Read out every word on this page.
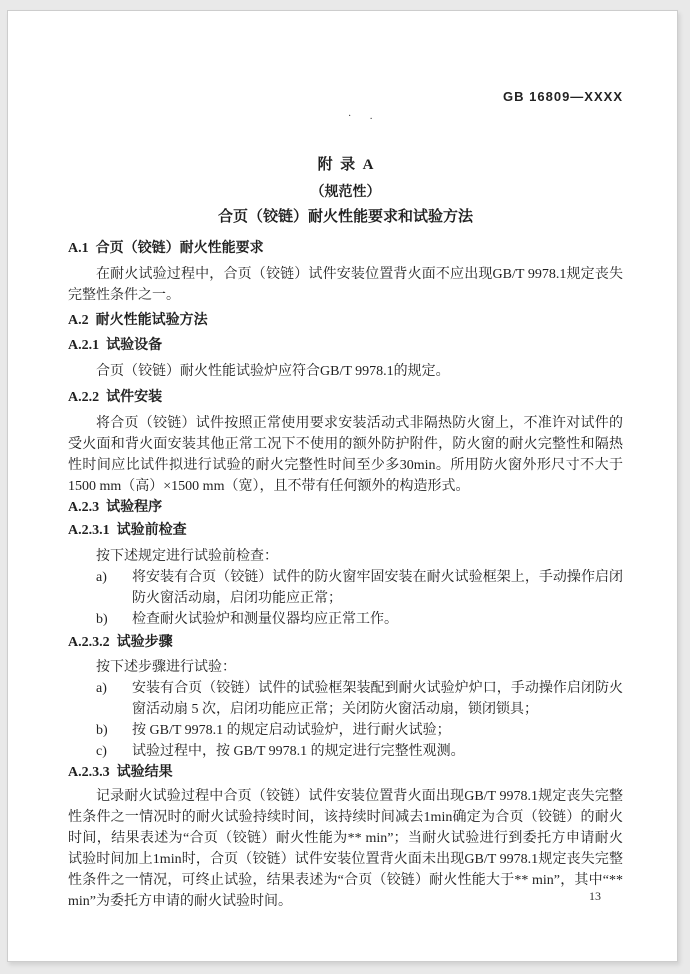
· .
GB 16809—XXXX
附  录  A
（规范性）
合页（铰链）耐火性能要求和试验方法
A.1  合页（铰链）耐火性能要求
在耐火试验过程中，合页（铰链）试件安装位置背火面不应出现GB/T 9978.1规定丧失完整性条件之一。
A.2  耐火性能试验方法
A.2.1  试验设备
合页（铰链）耐火性能试验炉应符合GB/T 9978.1的规定。
A.2.2  试件安装
将合页（铰链）试件按照正常使用要求安装活动式非隔热防火窗上，不准许对试件的受火面和背火面安装其他正常工况下不使用的额外防护附件，防火窗的耐火完整性和隔热性时间应比试件拟进行试验的耐火完整性时间至少多30min。所用防火窗外形尺寸不大于1500 mm（高）×1500 mm（宽），且不带有任何额外的构造形式。
A.2.3  试验程序
A.2.3.1  试验前检查
按下述规定进行试验前检查：
a)	将安装有合页（铰链）试件的防火窗牢固安装在耐火试验框架上，手动操作启闭防火窗活动扇，启闭功能应正常；
b)	检查耐火试验炉和测量仪器均应正常工作。
A.2.3.2  试验步骤
按下述步骤进行试验：
a)	安装有合页（铰链）试件的试验框架装配到耐火试验炉炉口，手动操作启闭防火窗活动扇 5 次，启闭功能应正常；关闭防火窗活动扇，锁闭锁具；
b)	按 GB/T 9978.1 的规定启动试验炉，进行耐火试验；
c)	试验过程中，按 GB/T 9978.1 的规定进行完整性观测。
A.2.3.3  试验结果
记录耐火试验过程中合页（铰链）试件安装位置背火面出现GB/T 9978.1规定丧失完整性条件之一情况时的耐火试验持续时间，该持续时间减去1min确定为合页（铰链）的耐火时间，结果表述为“合页（铰链）耐火性能为** min”；当耐火试验进行到委托方申请耐火试验时间加上1min时，合页（铰链）试件安装位置背火面未出现GB/T 9978.1规定丧失完整性条件之一情况，可终止试验，结果表述为“合页（铰链）耐火性能大于** min”，其中“** min”为委托方申请的耐火试验时间。	13
